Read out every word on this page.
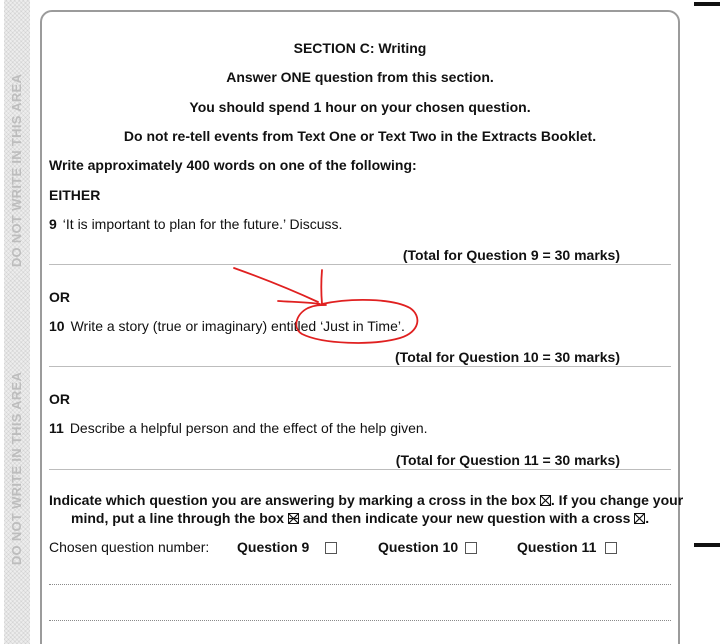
DO NOT WRITE IN THIS AREA
DO NOT WRITE IN THIS AREA
SECTION C: Writing
Answer ONE question from this section.
You should spend 1 hour on your chosen question.
Do not re-tell events from Text One or Text Two in the Extracts Booklet.
Write approximately 400 words on one of the following:
EITHER
9 ‘It is important to plan for the future.’ Discuss.
(Total for Question 9 = 30 marks)
OR
10 Write a story (true or imaginary) entitled ‘Just in Time’.
(Total for Question 10 = 30 marks)
OR
11 Describe a helpful person and the effect of the help given.
(Total for Question 11 = 30 marks)
Indicate which question you are answering by marking a cross in the box ☒. If you change your
mind, put a line through the box  and then indicate your new question with a cross ☒.
Chosen question number: Question 9	Question 10	Question 11
